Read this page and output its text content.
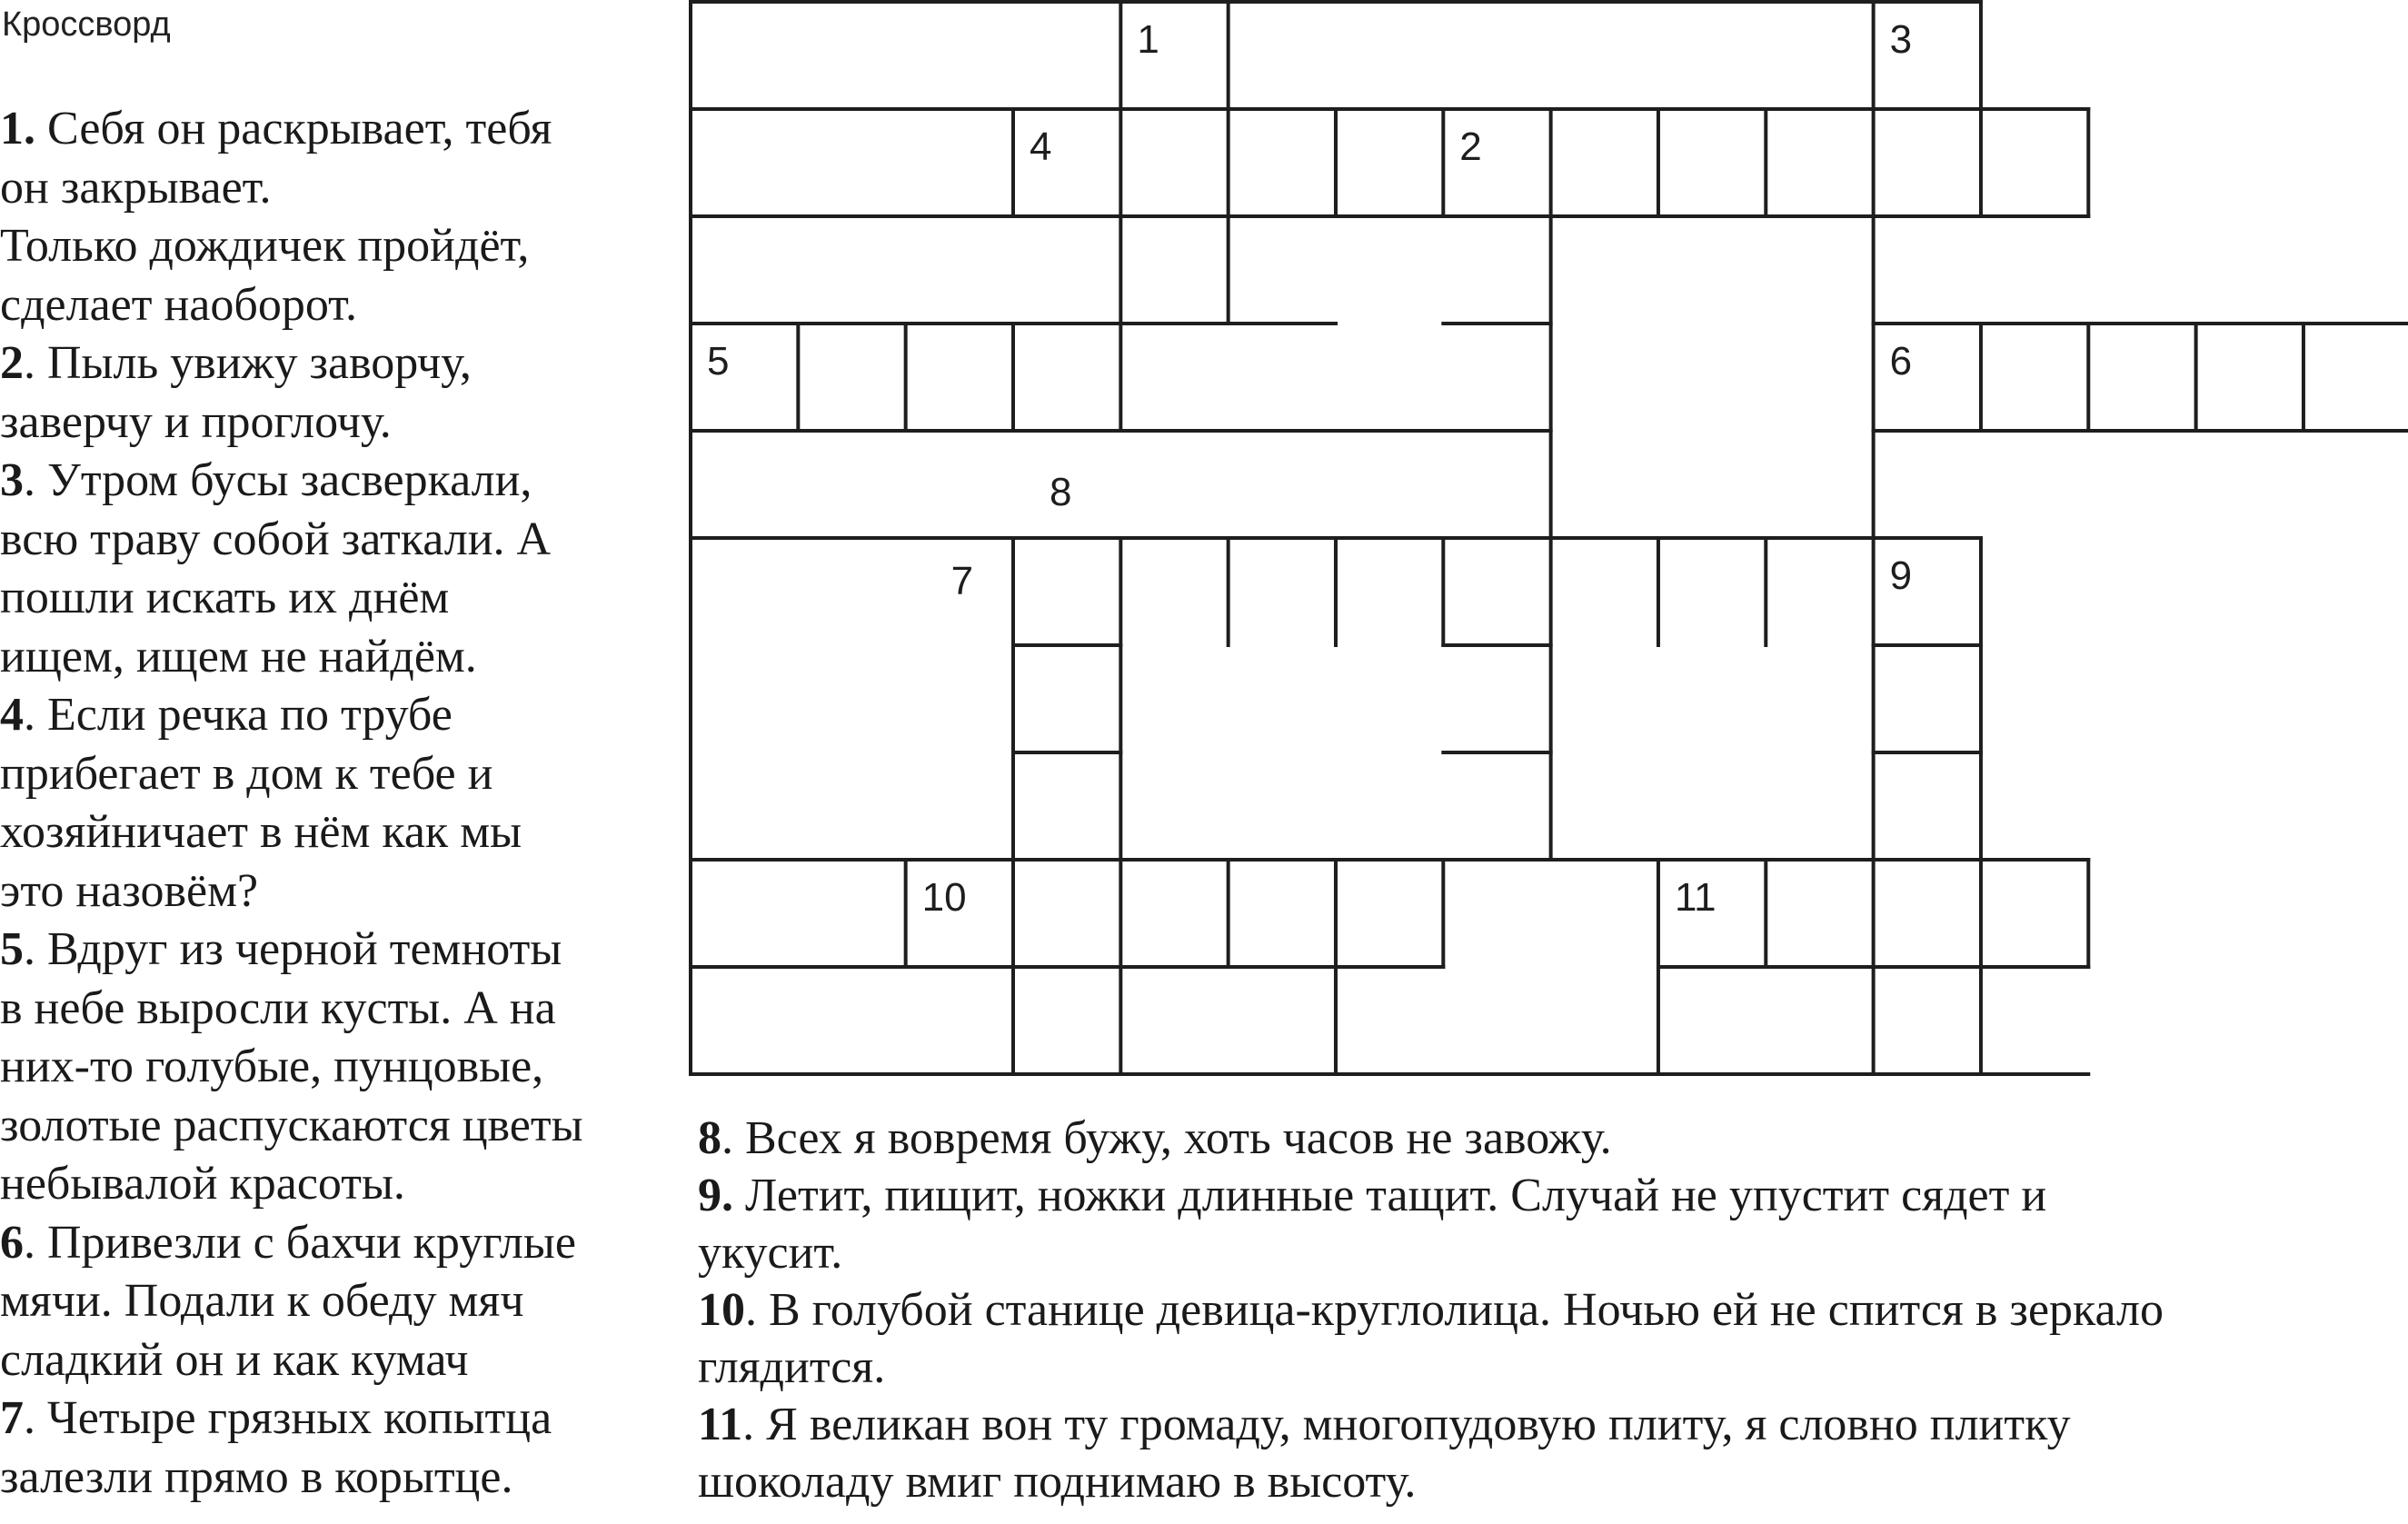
Кроссворд
1. Себя он раскрывает, тебя
он закрывает.
Только дождичек пройдёт,
сделает наоборот.
2. Пыль увижу заворчу,
заверчу и проглочу.
3. Утром бусы засверкали,
всю траву собой заткали. А
пошли искать их днём
ищем, ищем не найдём.
4. Если речка по трубе
прибегает в дом к тебе и
хозяйничает в нём как мы
это назовём?
5. Вдруг из черной темноты
в небе выросли кусты. А на
них-то голубые, пунцовые,
золотые распускаются цветы
небывалой красоты.
6. Привезли с бахчи круглые
мячи. Подали к обеду мяч
сладкий он и как кумач
7. Четыре грязных копытца
залезли прямо в корытце.
1	3
4	2
5	6
8
7	9
10	11
8. Всех я вовремя бужу, хоть часов не завожу.
9. Летит, пищит, ножки длинные тащит. Случай не упустит сядет и
укусит.
10. В голубой станице девица-круглолица. Ночью ей не спится в зеркало
глядится.
11. Я великан вон ту громаду, многопудовую плиту, я словно плитку
шоколаду вмиг поднимаю в высоту.
